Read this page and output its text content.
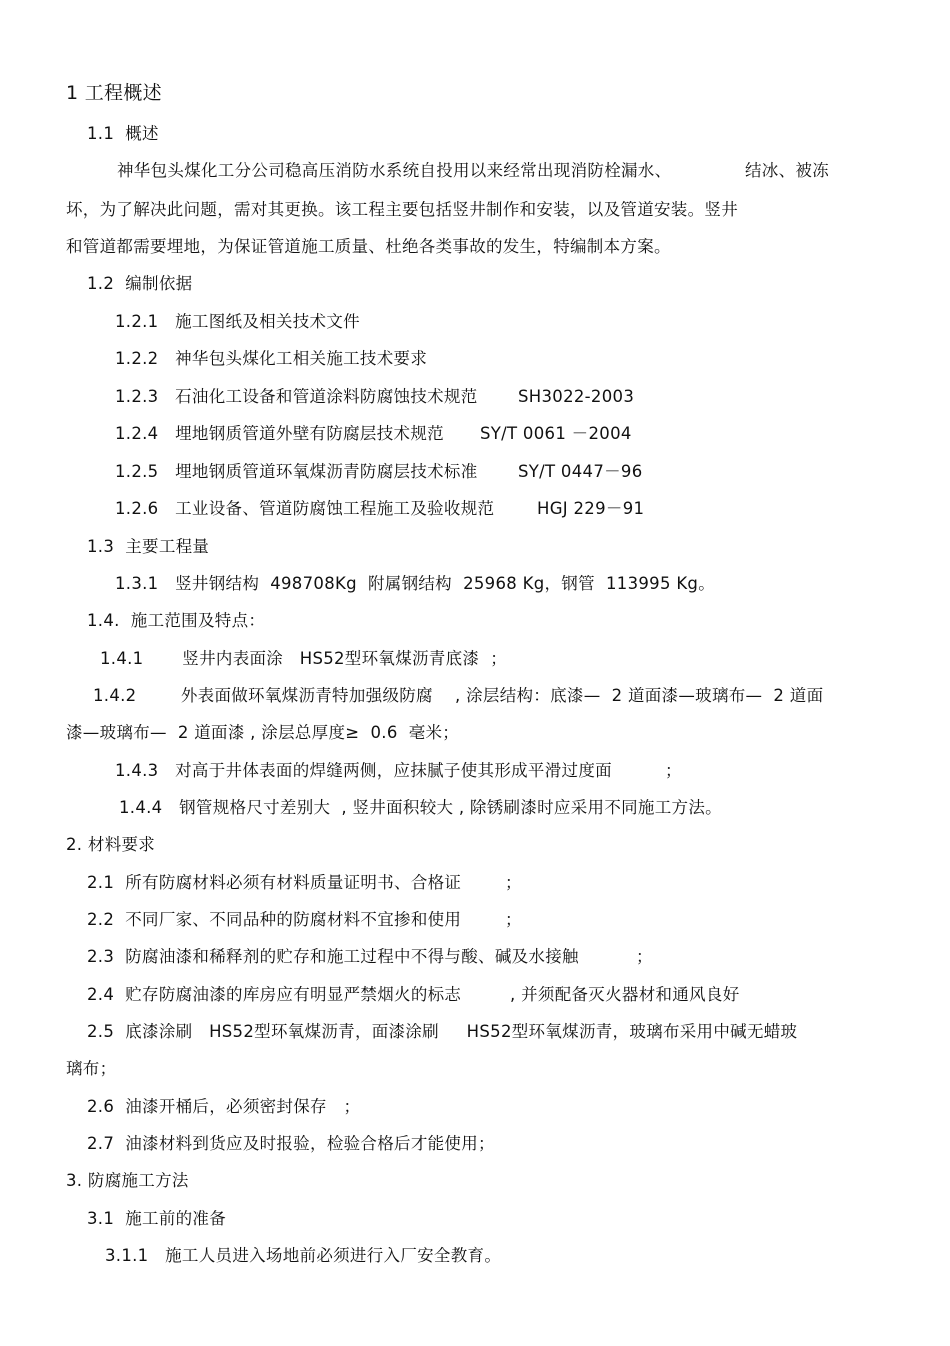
1 工程概述
1.1  概述
神华包头煤化工分公司稳高压消防水系统自投用以来经常出现消防栓漏水、	结冰、被冻
坏，为了解决此问题，需对其更换。该工程主要包括竖井制作和安装，以及管道安装。竖井
和管道都需要埋地，为保证管道施工质量、杜绝各类事故的发生，特编制本方案。
1.2  编制依据
1.2.1   施工图纸及相关技术文件
1.2.2   神华包头煤化工相关施工技术要求
1.2.3   石油化工设备和管道涂料防腐蚀技术规范 SH3022-2003
1.2.4   埋地钢质管道外壁有防腐层技术规范 SY/T 0061 －2004
1.2.5   埋地钢质管道环氧煤沥青防腐层技术标准 SY/T 0447－96
1.2.6   工业设备、管道防腐蚀工程施工及验收规范	HGJ 229－91
1.3  主要工程量
1.3.1   竖井钢结构  498708Kg  附属钢结构  25968 Kg，钢管  113995 Kg。
1.4.  施工范围及特点：
1.4.1       竖井内表面涂   HS52型环氧煤沥青底漆  ；
1.4.2        外表面做环氧煤沥青特加强级防腐    , 涂层结构：底漆—  2 道面漆—玻璃布—  2 道面
漆—玻璃布—  2 道面漆 , 涂层总厚度≥  0.6  毫米；
1.4.3   对高于井体表面的焊缝两侧，应抹腻子使其形成平滑过度面	；
1.4.4   钢管规格尺寸差别大  , 竖井面积较大 , 除锈刷漆时应采用不同施工方法。
2. 材料要求
2.1  所有防腐材料必须有材料质量证明书、合格证	；
2.2  不同厂家、不同品种的防腐材料不宜掺和使用	；
2.3  防腐油漆和稀释剂的贮存和施工过程中不得与酸、碱及水接触	；
2.4  贮存防腐油漆的库房应有明显严禁烟火的标志	, 并须配备灭火器材和通风良好
2.5  底漆涂刷   HS52型环氧煤沥青，面漆涂刷     HS52型环氧煤沥青，玻璃布采用中碱无蜡玻
璃布；
2.6  油漆开桶后，必须密封保存   ；
2.7  油漆材料到货应及时报验，检验合格后才能使用；
3. 防腐施工方法
3.1  施工前的准备
3.1.1   施工人员进入场地前必须进行入厂安全教育。
